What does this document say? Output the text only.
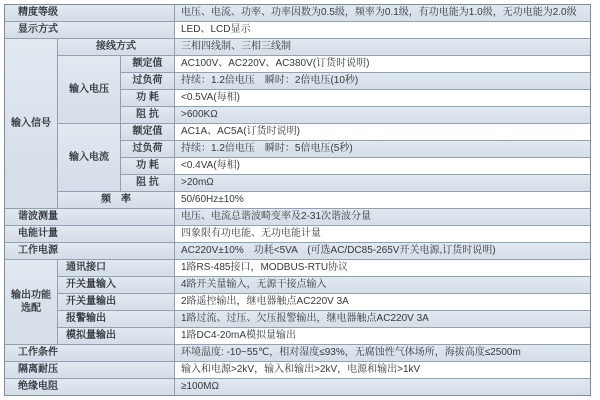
精度等级	电压、电流、功率、功率因数为0.5级，频率为0.1级，有功电能为1.0级，无功电能为2.0级
显示方式	LED、LCD显示
输入信号
接线方式	三相四线制、三相三线制
输入电压
额定值	AC100V、AC220V、AC380V(订货时说明)
过负荷	持续：1.2倍电压　瞬时：2倍电压(10秒)
功 耗	<0.5VA(每相)
阻 抗	>600KΩ
输入电流
额定值	AC1A、AC5A(订货时说明)
过负荷	持续：1.2倍电压　瞬时：5倍电压(5秒)
功 耗	<0.4VA(每相)
阻 抗	>20mΩ
频　率	50/60Hz±10%
谐波测量	电压、电流总谐波畸变率及2-31次谐波分量
电能计量	四象限有功电能、无功电能计量
工作电源	AC220V±10%　功耗<5VA　(可选AC/DC85-265V开关电源,订货时说明)
输出功能选配
通讯接口	1路RS-485接口，MODBUS-RTU协议
开关量输入	4路开关量输入，无源干接点输入
开关量输出	2路遥控输出，继电器触点AC220V 3A
报警输出	1路过流、过压、欠压报警输出，继电器触点AC220V 3A
模拟量输出	1路DC4-20mA模拟量输出
工作条件	环境温度: -10~55℃，相对湿度≤93%，无腐蚀性气体场所，海拔高度≤2500m
隔离耐压	输入和电源>2kV，输入和输出>2kV，电源和输出>1kV
绝缘电阻	≥100MΩ
